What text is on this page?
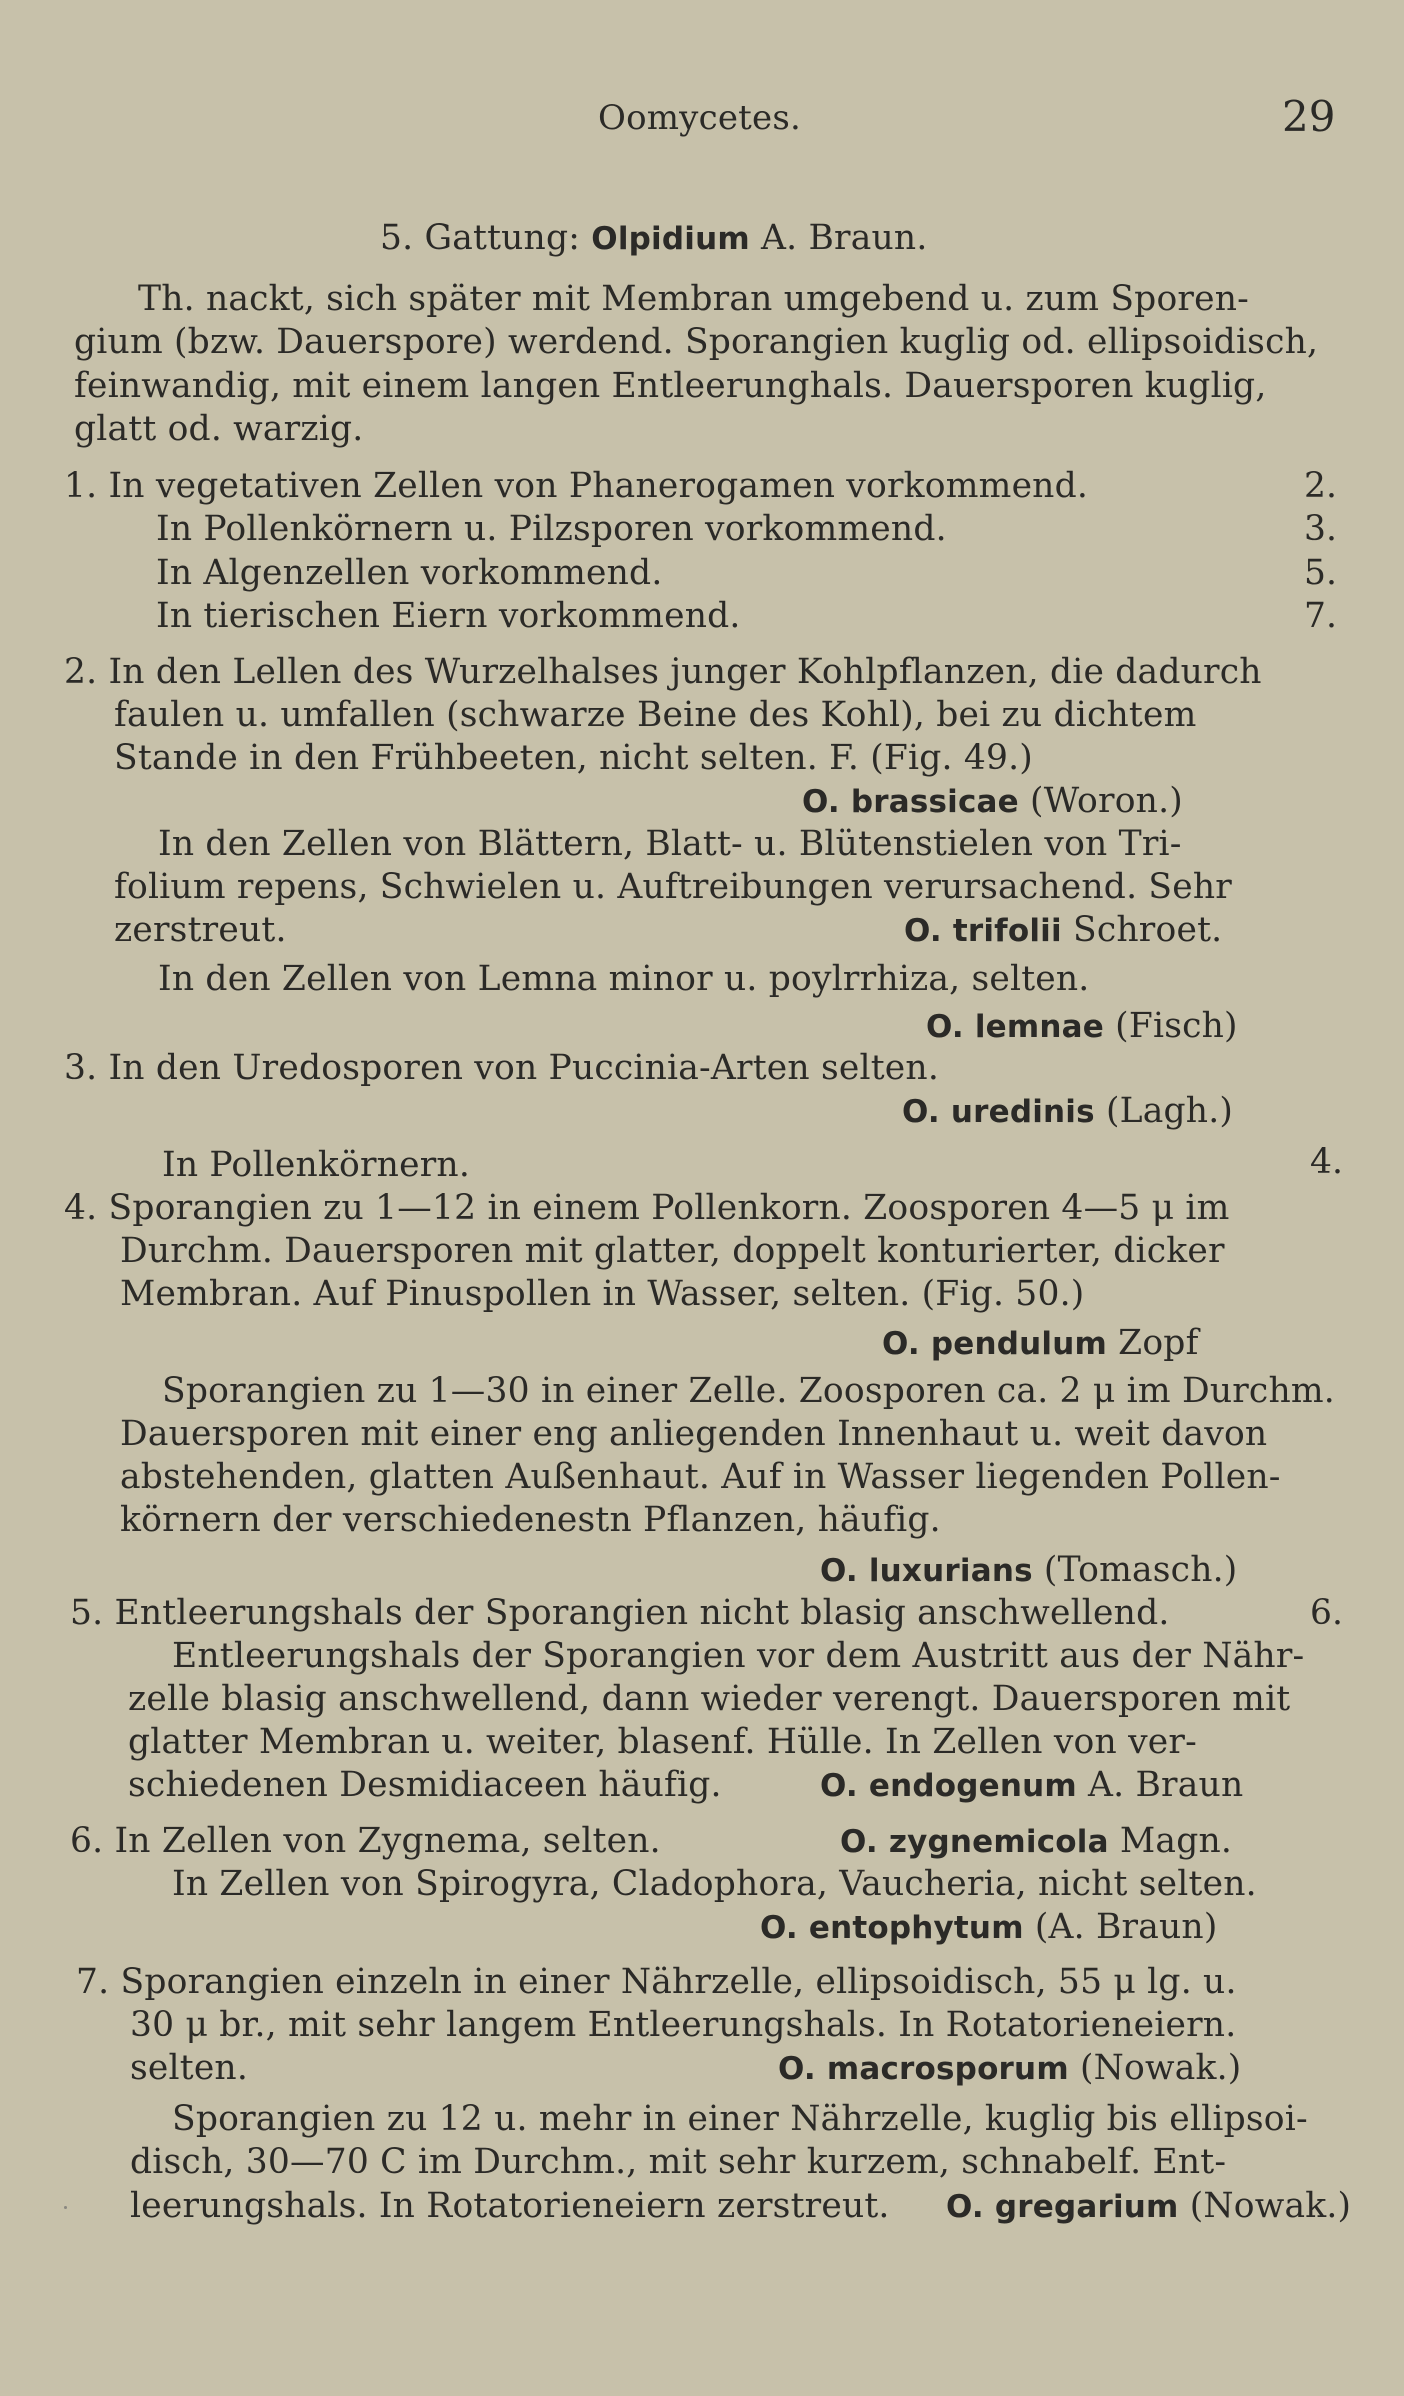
Oomycetes.	29
5. Gattung: Olpidium A. Braun.
Th. nackt, sich später mit Membran umgebend u. zum Sporen-
gium (bzw. Dauerspore) werdend. Sporangien kuglig od. ellipsoidisch,
feinwandig, mit einem langen Entleerunghals. Dauersporen kuglig,
glatt od. warzig.
1. In vegetativen Zellen von Phanerogamen vorkommend.	2.
In Pollenkörnern u. Pilzsporen vorkommend.	3.
In Algenzellen vorkommend.	5.
In tierischen Eiern vorkommend.	7.
2. In den Lellen des Wurzelhalses junger Kohlpflanzen, die dadurch
faulen u. umfallen (schwarze Beine des Kohl), bei zu dichtem
Stande in den Frühbeeten, nicht selten. F. (Fig. 49.)
O. brassicae (Woron.)
In den Zellen von Blättern, Blatt- u. Blütenstielen von Tri-
folium repens, Schwielen u. Auftreibungen verursachend. Sehr
zerstreut.	O. trifolii Schroet.
In den Zellen von Lemna minor u. poylrrhiza, selten.
O. lemnae (Fisch)
3. In den Uredosporen von Puccinia-Arten selten.
O. uredinis (Lagh.)
In Pollenkörnern.	4.
4. Sporangien zu 1—12 in einem Pollenkorn. Zoosporen 4—5 μ im
Durchm. Dauersporen mit glatter, doppelt konturierter, dicker
Membran. Auf Pinuspollen in Wasser, selten. (Fig. 50.)
O. pendulum Zopf
Sporangien zu 1—30 in einer Zelle. Zoosporen ca. 2 μ im Durchm.
Dauersporen mit einer eng anliegenden Innenhaut u. weit davon
abstehenden, glatten Außenhaut. Auf in Wasser liegenden Pollen-
körnern der verschiedenestn Pflanzen, häufig.
O. luxurians (Tomasch.)
5. Entleerungshals der Sporangien nicht blasig anschwellend.	6.
Entleerungshals der Sporangien vor dem Austritt aus der Nähr-
zelle blasig anschwellend, dann wieder verengt. Dauersporen mit
glatter Membran u. weiter, blasenf. Hülle. In Zellen von ver-
schiedenen Desmidiaceen häufig.	O. endogenum A. Braun
6. In Zellen von Zygnema, selten.	O. zygnemicola Magn.
In Zellen von Spirogyra, Cladophora, Vaucheria, nicht selten.
O. entophytum (A. Braun)
7. Sporangien einzeln in einer Nährzelle, ellipsoidisch, 55 μ lg. u.
30 μ br., mit sehr langem Entleerungshals. In Rotatorieneiern.
selten.	O. macrosporum (Nowak.)
Sporangien zu 12 u. mehr in einer Nährzelle, kuglig bis ellipsoi-
disch, 30—70 C im Durchm., mit sehr kurzem, schnabelf. Ent-
leerungshals. In Rotatorieneiern zerstreut. O. gregarium (Nowak.)
